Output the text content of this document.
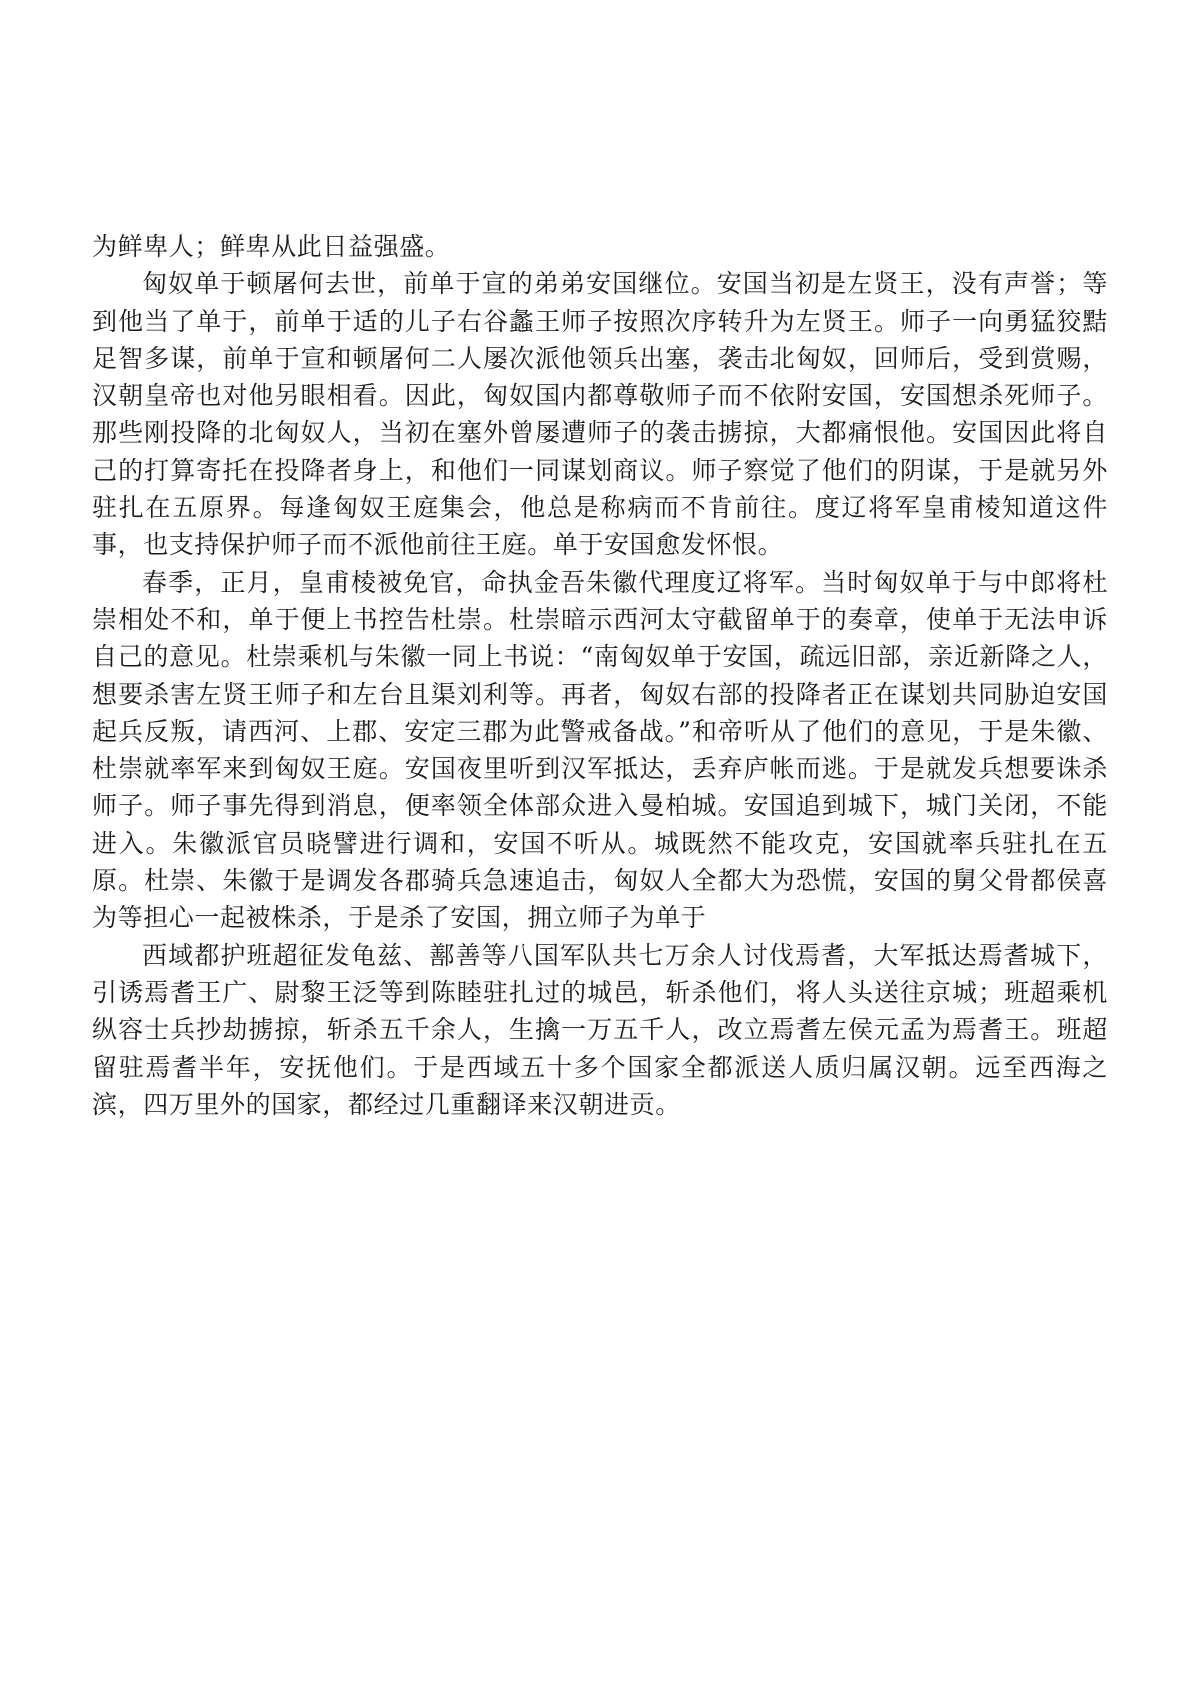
为鲜卑人；鲜卑从此日益强盛。

匈奴单于顿屠何去世，前单于宣的弟弟安国继位。安国当初是左贤王，没有声誉；等到他当了单于，前单于适的儿子右谷蠡王师子按照次序转升为左贤王。师子一向勇猛狡黠足智多谋，前单于宣和顿屠何二人屡次派他领兵出塞，袭击北匈奴，回师后，受到赏赐，汉朝皇帝也对他另眼相看。因此，匈奴国内都尊敬师子而不依附安国，安国想杀死师子。那些刚投降的北匈奴人，当初在塞外曾屡遭师子的袭击掳掠，大都痛恨他。安国因此将自己的打算寄托在投降者身上，和他们一同谋划商议。师子察觉了他们的阴谋，于是就另外驻扎在五原界。每逢匈奴王庭集会，他总是称病而不肯前往。度辽将军皇甫棱知道这件事，也支持保护师子而不派他前往王庭。单于安国愈发怀恨。

春季，正月，皇甫棱被免官，命执金吾朱徽代理度辽将军。当时匈奴单于与中郎将杜崇相处不和，单于便上书控告杜崇。杜崇暗示西河太守截留单于的奏章，使单于无法申诉自己的意见。杜崇乘机与朱徽一同上书说：“南匈奴单于安国，疏远旧部，亲近新降之人，想要杀害左贤王师子和左台且渠刘利等。再者，匈奴右部的投降者正在谋划共同胁迫安国起兵反叛，请西河、上郡、安定三郡为此警戒备战。”和帝听从了他们的意见，于是朱徽、杜崇就率军来到匈奴王庭。安国夜里听到汉军抵达，丢弃庐帐而逃。于是就发兵想要诛杀师子。师子事先得到消息，便率领全体部众进入曼柏城。安国追到城下，城门关闭，不能进入。朱徽派官员晓譬进行调和，安国不听从。城既然不能攻克，安国就率兵驻扎在五原。杜崇、朱徽于是调发各郡骑兵急速追击，匈奴人全都大为恐慌，安国的舅父骨都侯喜为等担心一起被株杀，于是杀了安国，拥立师子为单于

西域都护班超征发龟兹、鄯善等八国军队共七万余人讨伐焉耆，大军抵达焉耆城下，引诱焉耆王广、尉黎王泛等到陈睦驻扎过的城邑，斩杀他们，将人头送往京城；班超乘机纵容士兵抄劫掳掠，斩杀五千余人，生擒一万五千人，改立焉耆左侯元孟为焉耆王。班超留驻焉耆半年，安抚他们。于是西域五十多个国家全都派送人质归属汉朝。远至西海之滨，四万里外的国家，都经过几重翻译来汉朝进贡。
